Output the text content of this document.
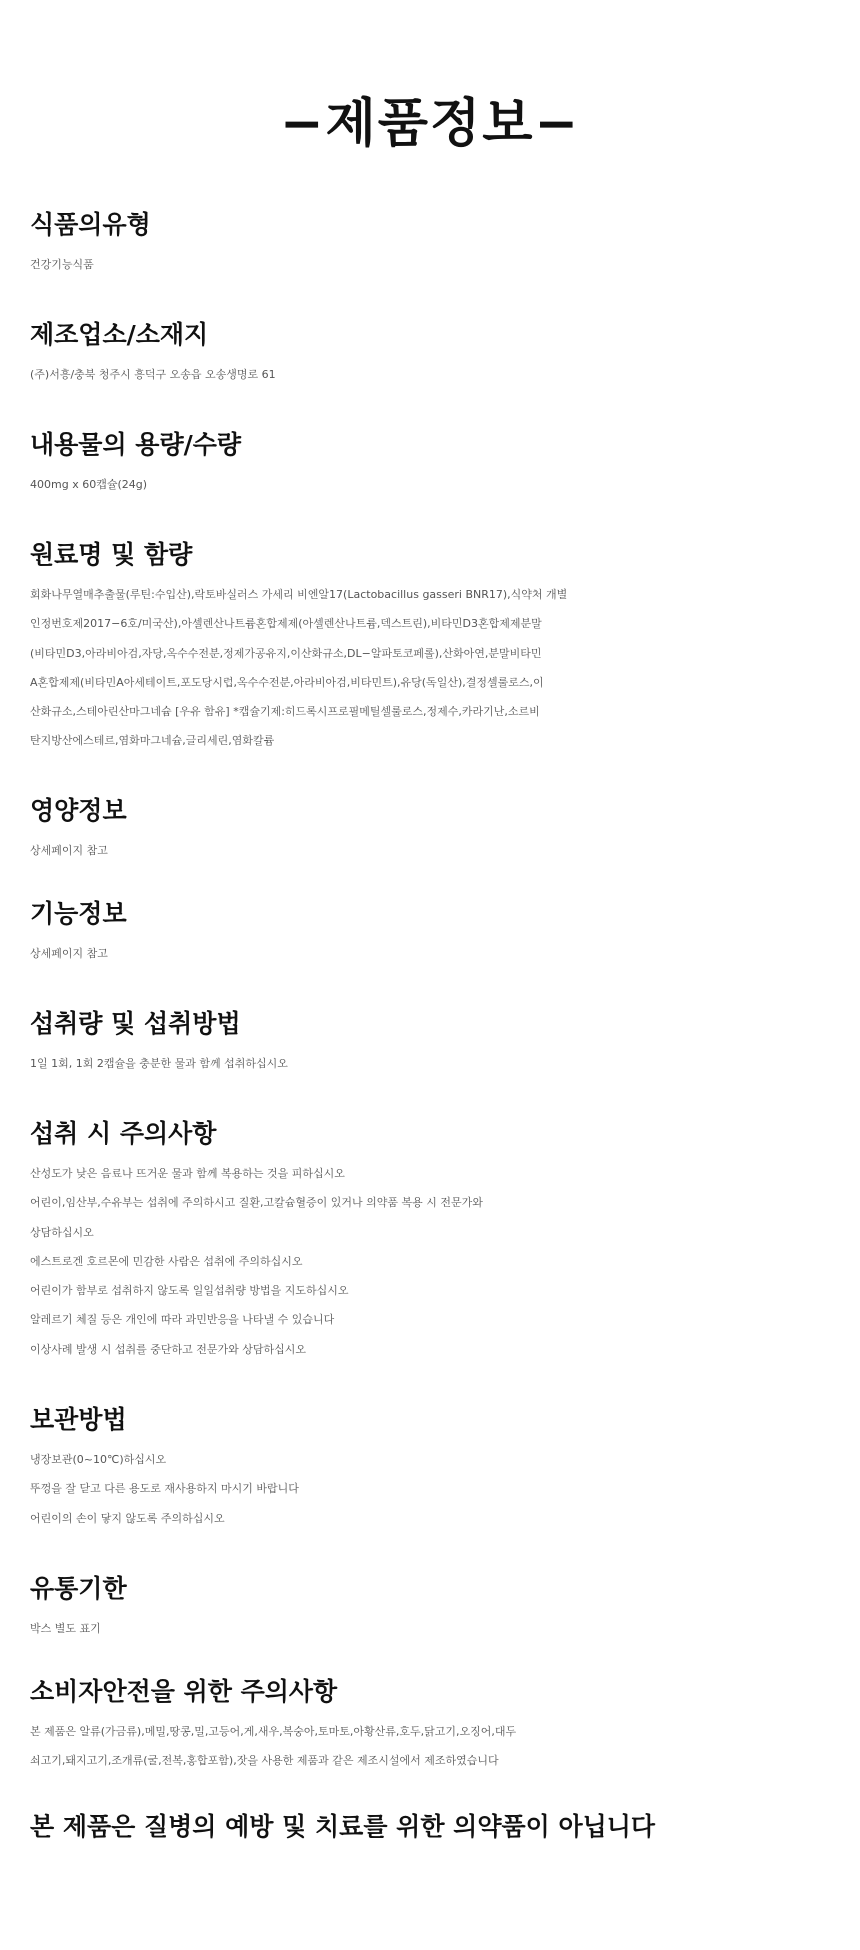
−제품정보−
식품의유형
건강기능식품
제조업소/소재지
(주)서흥/충북 청주시 흥덕구 오송읍 오송생명로 61
내용물의 용량/수량
400mg x 60캡슐(24g)
원료명 및 함량
회화나무열매추출물(루틴:수입산),락토바실러스 가세리 비엔알17(Lactobacillus gasseri BNR17),식약처 개별
인정번호제2017−6호/미국산),아셀렌산나트륨혼합제제(아셀렌산나트륨,덱스트린),비타민D3혼합제제분말
(비타민D3,아라비아검,자당,옥수수전분,정제가공유지,이산화규소,DL−알파토코페롤),산화아연,분말비타민
A혼합제제(비타민A아세테이트,포도당시럽,옥수수전분,아라비아검,비타민트),유당(독일산),결정셀룰로스,이
산화규소,스테아린산마그네슘 [우유 함유] *캡슐기제:히드록시프로필메틸셀룰로스,정제수,카라기난,소르비
탄지방산에스테르,염화마그네슘,글리세린,염화칼륨
영양정보
상세페이지 참고
기능정보
상세페이지 참고
섭취량 및 섭취방법
1일 1회, 1회 2캡슐을 충분한 물과 함께 섭취하십시오
섭취 시 주의사항
산성도가 낮은 음료나 뜨거운 물과 함께 복용하는 것을 피하십시오
어린이,임산부,수유부는 섭취에 주의하시고 질환,고칼슘혈증이 있거나 의약품 복용 시 전문가와
상담하십시오
에스트로겐 호르몬에 민감한 사람은 섭취에 주의하십시오
어린이가 함부로 섭취하지 않도록 일일섭취량 방법을 지도하십시오
알레르기 체질 등은 개인에 따라 과민반응을 나타낼 수 있습니다
이상사례 발생 시 섭취를 중단하고 전문가와 상담하십시오
보관방법
냉장보관(0~10℃)하십시오
뚜껑을 잘 닫고 다른 용도로 재사용하지 마시기 바랍니다
어린이의 손이 닿지 않도록 주의하십시오
유통기한
박스 별도 표기
소비자안전을 위한 주의사항
본 제품은 알류(가금류),메밀,땅콩,밀,고등어,게,새우,복숭아,토마토,아황산류,호두,닭고기,오징어,대두
쇠고기,돼지고기,조개류(굴,전복,홍합포함),잣을 사용한 제품과 같은 제조시설에서 제조하였습니다
본 제품은 질병의 예방 및 치료를 위한 의약품이 아닙니다
